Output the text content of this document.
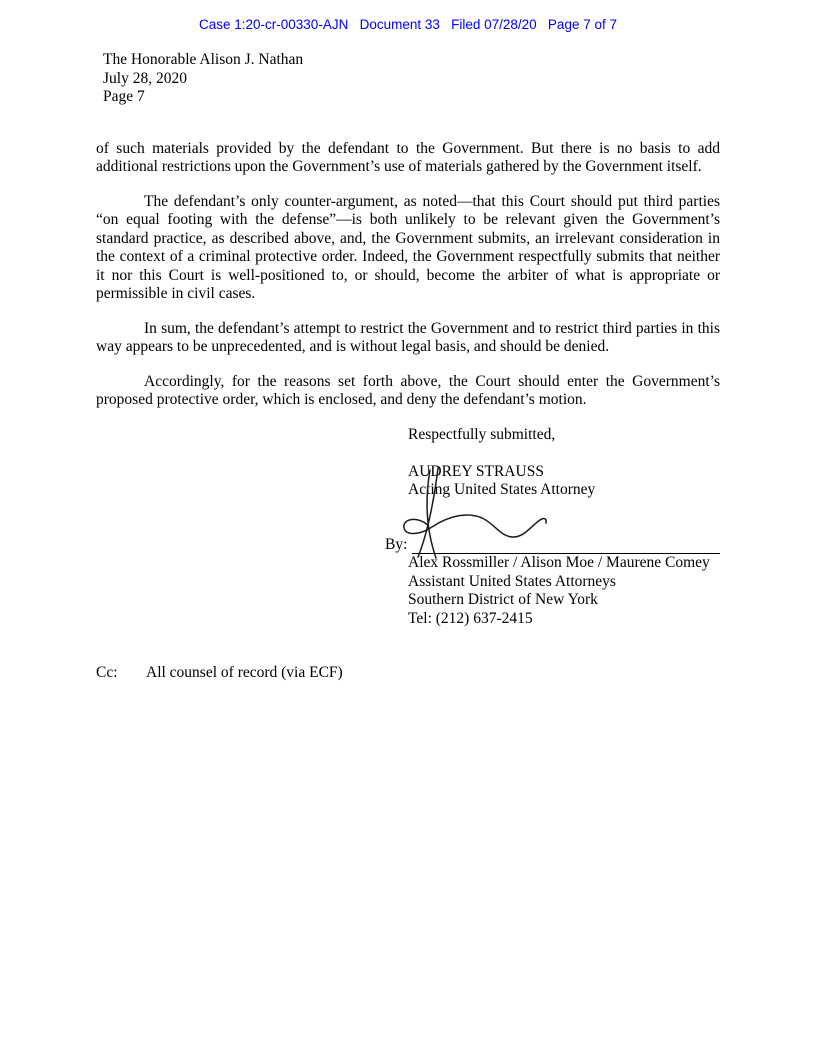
Case 1:20-cr-00330-AJN   Document 33   Filed 07/28/20   Page 7 of 7
The Honorable Alison J. Nathan
July 28, 2020
Page 7

of such materials provided by the defendant to the Government. But there is no basis to add additional restrictions upon the Government’s use of materials gathered by the Government itself.

The defendant’s only counter-argument, as noted—that this Court should put third parties “on equal footing with the defense”—is both unlikely to be relevant given the Government’s standard practice, as described above, and, the Government submits, an irrelevant consideration in the context of a criminal protective order. Indeed, the Government respectfully submits that neither it nor this Court is well-positioned to, or should, become the arbiter of what is appropriate or permissible in civil cases.

In sum, the defendant’s attempt to restrict the Government and to restrict third parties in this way appears to be unprecedented, and is without legal basis, and should be denied.

Accordingly, for the reasons set forth above, the Court should enter the Government’s proposed protective order, which is enclosed, and deny the defendant’s motion.

Respectfully submitted,
AUDREY STRAUSS
Acting United States Attorney
By:
Alex Rossmiller / Alison Moe / Maurene Comey
Assistant United States Attorneys
Southern District of New York
Tel: (212) 637-2415
Cc:	All counsel of record (via ECF)
